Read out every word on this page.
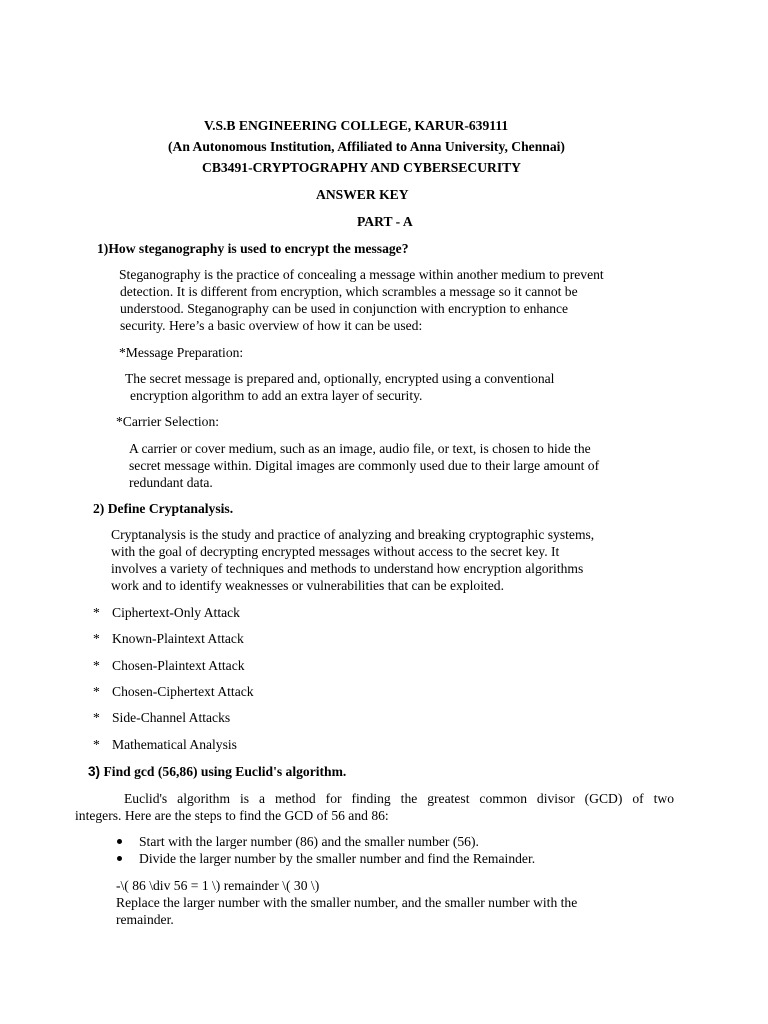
V.S.B ENGINEERING COLLEGE, KARUR-639111
(An Autonomous Institution, Affiliated to Anna University, Chennai)
CB3491-CRYPTOGRAPHY AND CYBERSECURITY
ANSWER KEY
PART - A
1)How steganography is used to encrypt the message?
Steganography is the practice of concealing a message within another medium to prevent
detection. It is different from encryption, which scrambles a message so it cannot be
understood. Steganography can be used in conjunction with encryption to enhance
security. Here’s a basic overview of how it can be used:
*Message Preparation:
The secret message is prepared and, optionally, encrypted using a conventional
encryption algorithm to add an extra layer of security.
*Carrier Selection:
A carrier or cover medium, such as an image, audio file, or text, is chosen to hide the
secret message within. Digital images are commonly used due to their large amount of
redundant data.
2) Define Cryptanalysis.
Cryptanalysis is the study and practice of analyzing and breaking cryptographic systems,
with the goal of decrypting encrypted messages without access to the secret key. It
involves a variety of techniques and methods to understand how encryption algorithms
work and to identify weaknesses or vulnerabilities that can be exploited.
* Ciphertext-Only Attack
* Known-Plaintext Attack
* Chosen-Plaintext Attack
* Chosen-Ciphertext Attack
* Side-Channel Attacks
* Mathematical Analysis
3) Find gcd (56,86) using Euclid's algorithm.
Euclid's algorithm is a method for finding the greatest common divisor (GCD) of two
integers. Here are the steps to find the GCD of 56 and 86:
Start with the larger number (86) and the smaller number (56).
Divide the larger number by the smaller number and find the Remainder.
-\( 86 \div 56 = 1 \) remainder \( 30 \)
Replace the larger number with the smaller number, and the smaller number with the
remainder.
